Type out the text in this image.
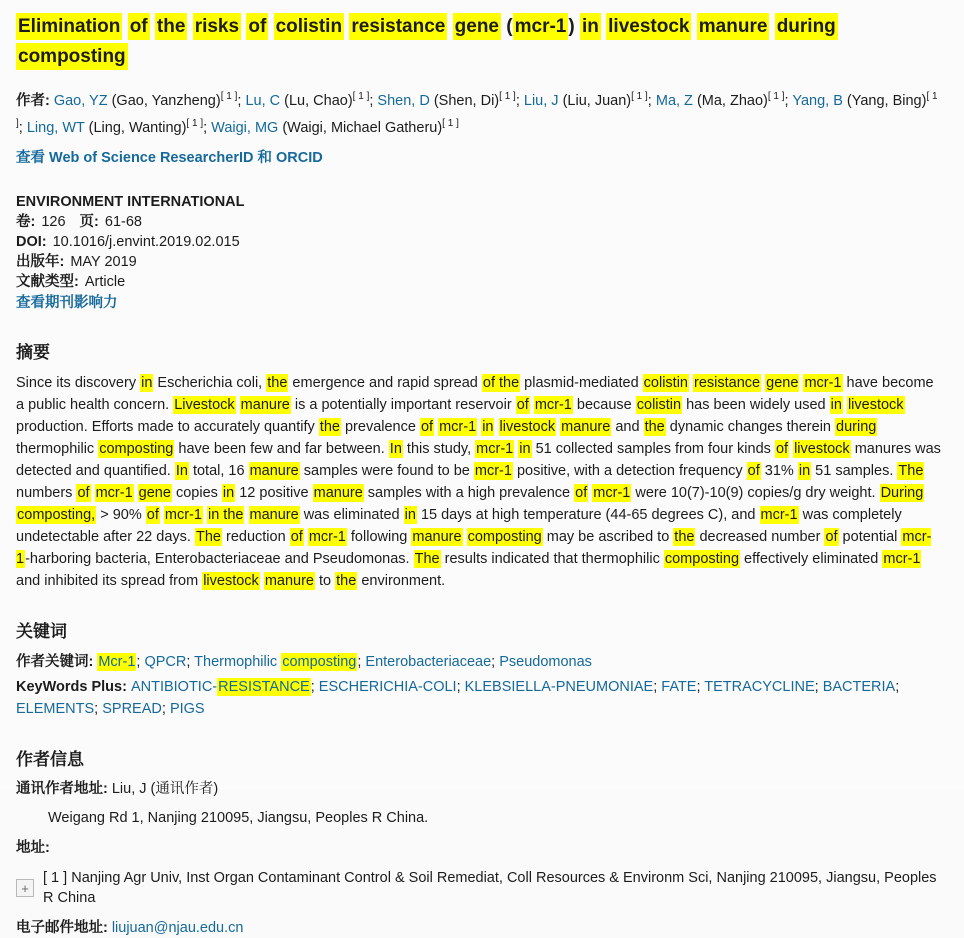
Elimination of the risks of colistin resistance gene ( mcr-1 ) in livestock manure during composting

作者: Gao, YZ (Gao, Yanzheng)[ 1 ]; Lu, C (Lu, Chao)[ 1 ]; Shen, D (Shen, Di)[ 1 ]; Liu, J (Liu, Juan)[ 1 ]; Ma, Z (Ma, Zhao)[ 1 ]; Yang, B (Yang, Bing)[ 1 ]; Ling, WT (Ling, Wanting)[ 1 ]; Waigi, MG (Waigi, Michael Gatheru)[ 1 ]

查看 Web of Science ResearcherID 和 ORCID

ENVIRONMENT INTERNATIONAL

卷: 126 页: 61-68

DOI: 10.1016/j.envint.2019.02.015

出版年: MAY 2019

文献类型: Article

查看期刊影响力

摘要

Since its discovery in Escherichia coli, the emergence and rapid spread of the plasmid-mediated colistin resistance gene mcr-1 have become a public health concern. Livestock manure is a potentially important reservoir of mcr-1 because colistin has been widely used in livestock production. Efforts made to accurately quantify the prevalence of mcr-1 in livestock manure and the dynamic changes therein during thermophilic composting have been few and far between. In this study, mcr-1 in 51 collected samples from four kinds of livestock manures was detected and quantified. In total, 16 manure samples were found to be mcr-1 positive, with a detection frequency of 31% in 51 samples. The numbers of mcr-1 gene copies in 12 positive manure samples with a high prevalence of mcr-1 were 10(7)-10(9) copies/g dry weight. During composting, > 90% of mcr-1 in the manure was eliminated in 15 days at high temperature (44-65 degrees C), and mcr-1 was completely undetectable after 22 days. The reduction of mcr-1 following manure composting may be ascribed to the decreased number of potential mcr-1-harboring bacteria, Enterobacteriaceae and Pseudomonas. The results indicated that thermophilic composting effectively eliminated mcr-1 and inhibited its spread from livestock manure to the environment.

关键词

作者关键词: Mcr-1; QPCR; Thermophilic composting; Enterobacteriaceae; Pseudomonas

KeyWords Plus: ANTIBIOTIC-RESISTANCE; ESCHERICHIA-COLI; KLEBSIELLA-PNEUMONIAE; FATE; TETRACYCLINE; BACTERIA; ELEMENTS; SPREAD; PIGS

作者信息

通讯作者地址: Liu, J (通讯作者)

Weigang Rd 1, Nanjing 210095, Jiangsu, Peoples R China.

地址:

+
[ 1 ] Nanjing Agr Univ, Inst Organ Contaminant Control & Soil Remediat, Coll Resources & Environm Sci, Nanjing 210095, Jiangsu, Peoples R China

电子邮件地址: liujuan@njau.edu.cn
